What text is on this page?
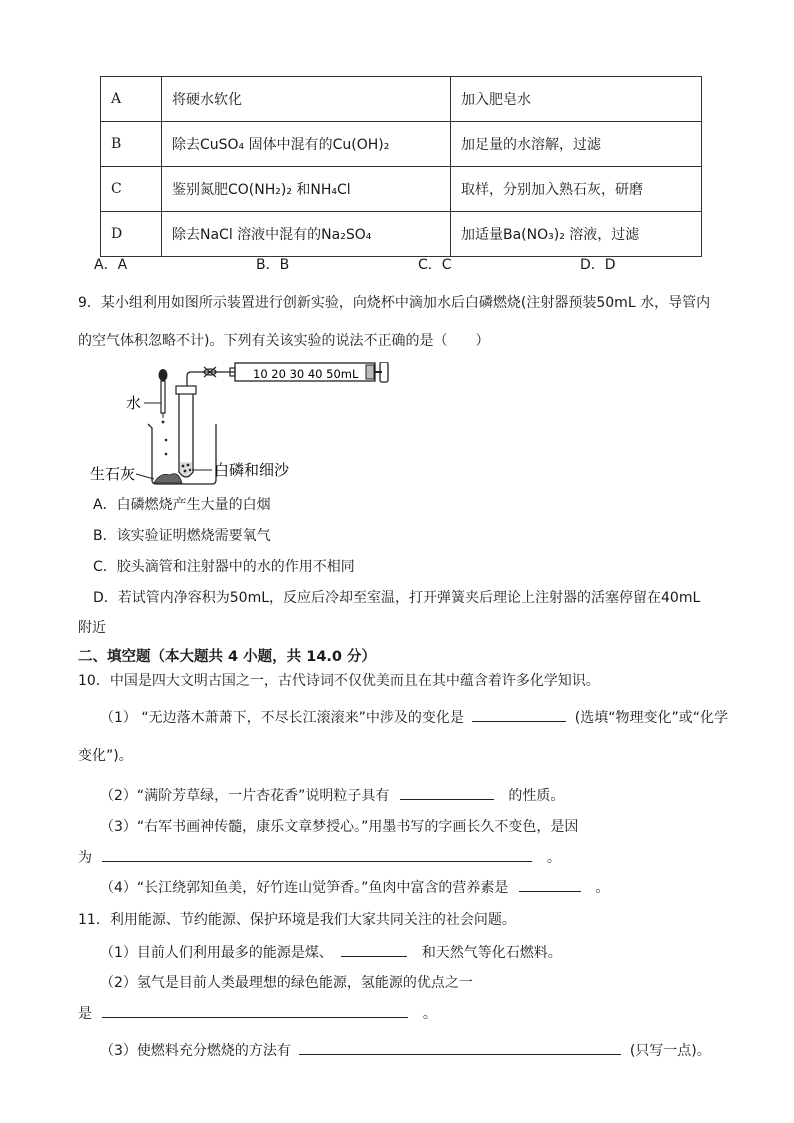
A	将硬水软化	加入肥皂水
B	除去CuSO₄ 固体中混有的Cu(OH)₂	加足量的水溶解，过滤
C	鉴别氮肥CO(NH₂)₂ 和NH₄Cl	取样，分别加入熟石灰，研磨
D	除去NaCl 溶液中混有的Na₂SO₄	加适量Ba(NO₃)₂ 溶液，过滤
A．A	B．B	C．C	D．D
9．某小组利用如图所示装置进行创新实验，向烧杯中滴加水后白磷燃烧(注射器预装50mL 水，导管内
的空气体积忽略不计)。下列有关该实验的说法不正确的是（　　）
水
10 20 30 40 50mL
生石灰	白磷和细沙
A．白磷燃烧产生大量的白烟
B．该实验证明燃烧需要氧气
C．胶头滴管和注射器中的水的作用不相同
D．若试管内净容积为50mL，反应后冷却至室温，打开弹簧夹后理论上注射器的活塞停留在40mL
附近
二、填空题（本大题共 4 小题，共 14.0 分）
10．中国是四大文明古国之一，古代诗词不仅优美而且在其中蕴含着许多化学知识。
（1） “无边落木萧萧下，不尽长江滚滚来”中涉及的变化是	(选填“物理变化”或“化学
变化”)。
（2）“满阶芳草绿，一片杏花香”说明粒子具有	的性质。
（3）“右军书画神传髓，康乐文章梦授心。”用墨书写的字画长久不变色，是因
为	。
（4）“长江绕郭知鱼美，好竹连山觉笋香。”鱼肉中富含的营养素是	。
11．利用能源、节约能源、保护环境是我们大家共同关注的社会问题。
（1）目前人们利用最多的能源是煤、	和天然气等化石燃料。
（2）氢气是目前人类最理想的绿色能源，氢能源的优点之一
是	。
（3）使燃料充分燃烧的方法有	(只写一点)。
